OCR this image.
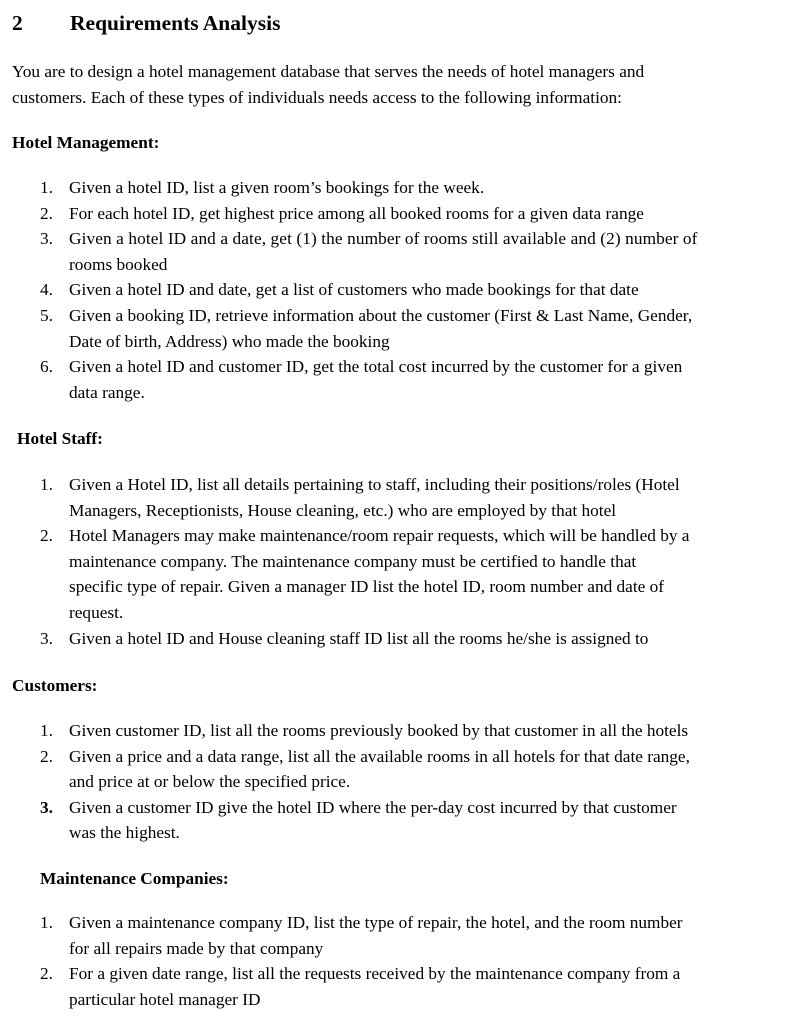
2 Requirements Analysis

You are to design a hotel management database that serves the needs of hotel managers and

customers. Each of these types of individuals needs access to the following information:

Hotel Management:
1. Given a hotel ID, list a given room’s bookings for the week.
2. For each hotel ID, get highest price among all booked rooms for a given data range
3. Given a hotel ID and a date, get (1) the number of rooms still available and (2) number of
rooms booked
4. Given a hotel ID and date, get a list of customers who made bookings for that date
5. Given a booking ID, retrieve information about the customer (First & Last Name, Gender,
Date of birth, Address) who made the booking
6. Given a hotel ID and customer ID, get the total cost incurred by the customer for a given
data range.
Hotel Staff:
1. Given a Hotel ID, list all details pertaining to staff, including their positions/roles (Hotel
Managers, Receptionists, House cleaning, etc.) who are employed by that hotel
2. Hotel Managers may make maintenance/room repair requests, which will be handled by a
maintenance company. The maintenance company must be certified to handle that
specific type of repair. Given a manager ID list the hotel ID, room number and date of
request.
3. Given a hotel ID and House cleaning staff ID list all the rooms he/she is assigned to
Customers:
1. Given customer ID, list all the rooms previously booked by that customer in all the hotels
2. Given a price and a data range, list all the available rooms in all hotels for that date range,
and price at or below the specified price.
3. Given a customer ID give the hotel ID where the per-day cost incurred by that customer
was the highest.
Maintenance Companies:
1. Given a maintenance company ID, list the type of repair, the hotel, and the room number
for all repairs made by that company
2. For a given date range, list all the requests received by the maintenance company from a
particular hotel manager ID
